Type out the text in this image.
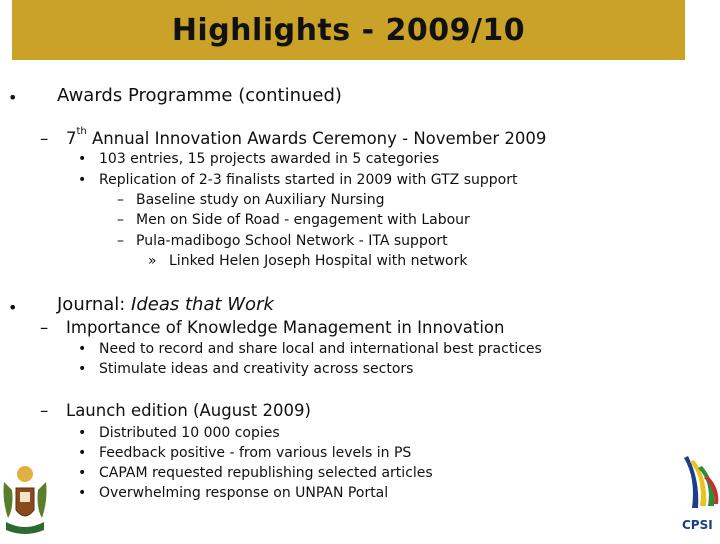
Highlights - 2009/10
• Awards Programme (continued)
– 7th Annual Innovation Awards Ceremony - November 2009
• 103 entries, 15 projects awarded in 5 categories
• Replication of 2-3 finalists started in 2009 with GTZ support
– Baseline study on Auxiliary Nursing
– Men on Side of Road - engagement with Labour
– Pula-madibogo School Network - ITA support
» Linked Helen Joseph Hospital with network
• Journal: Ideas that Work
– Importance of Knowledge Management in Innovation
• Need to record and share local and international best practices
• Stimulate ideas and creativity across sectors
– Launch edition (August 2009)
• Distributed 10 000 copies
• Feedback positive - from various levels in PS
• CAPAM requested republishing selected articles
• Overwhelming response on UNPAN Portal
CPSI
